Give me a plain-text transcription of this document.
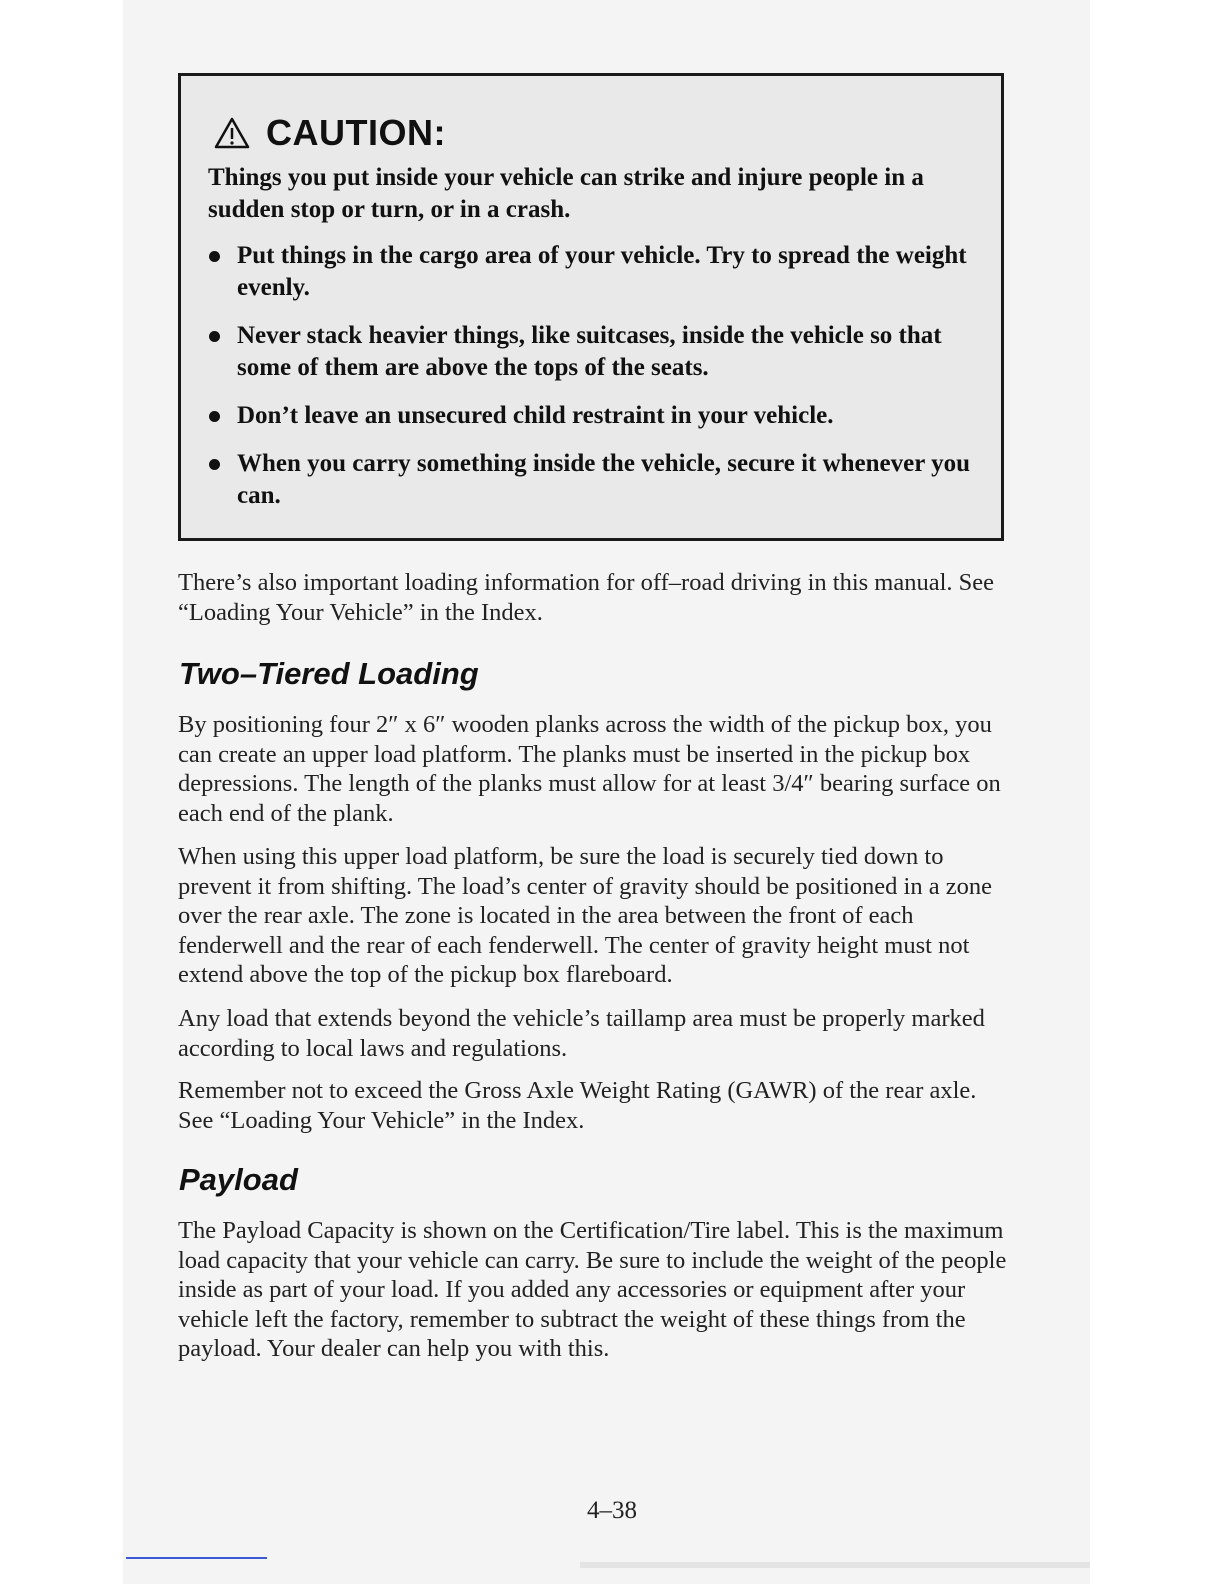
CAUTION:
Things you put inside your vehicle can strike and injure people in a sudden stop or turn, or in a crash.
Put things in the cargo area of your vehicle. Try to spread the weight evenly.
Never stack heavier things, like suitcases, inside the vehicle so that some of them are above the tops of the seats.
Don’t leave an unsecured child restraint in your vehicle.
When you carry something inside the vehicle, secure it whenever you can.

There’s also important loading information for off–road driving in this manual. See “Loading Your Vehicle” in the Index.

Two–Tiered Loading

By positioning four 2″ x 6″ wooden planks across the width of the pickup box, you can create an upper load platform. The planks must be inserted in the pickup box depressions. The length of the planks must allow for at least 3/4″ bearing surface on each end of the plank.

When using this upper load platform, be sure the load is securely tied down to prevent it from shifting. The load’s center of gravity should be positioned in a zone over the rear axle. The zone is located in the area between the front of each fenderwell and the rear of each fenderwell. The center of gravity height must not extend above the top of the pickup box flareboard.

Any load that extends beyond the vehicle’s taillamp area must be properly marked according to local laws and regulations.

Remember not to exceed the Gross Axle Weight Rating (GAWR) of the rear axle. See “Loading Your Vehicle” in the Index.

Payload

The Payload Capacity is shown on the Certification/Tire label. This is the maximum load capacity that your vehicle can carry. Be sure to include the weight of the people inside as part of your load. If you added any accessories or equipment after your vehicle left the factory, remember to subtract the weight of these things from the payload. Your dealer can help you with this.

4–38
